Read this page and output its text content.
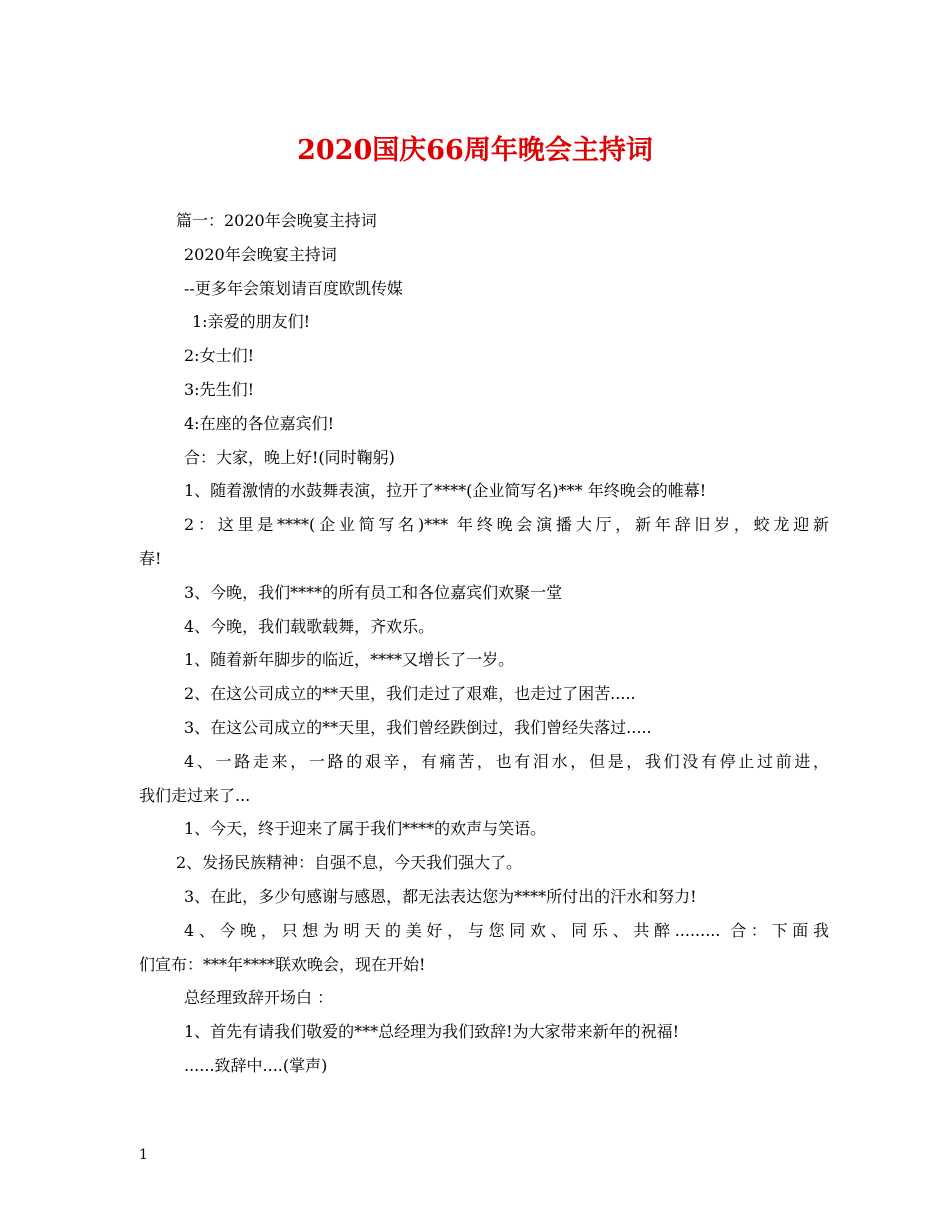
2020国庆66周年晚会主持词
篇一：2020年会晚宴主持词
2020年会晚宴主持词
--更多年会策划请百度欧凯传媒
1:亲爱的朋友们!
2:女士们!
3:先生们!
4:在座的各位嘉宾们!
合：大家，晚上好!(同时鞠躬)
1、随着激情的水鼓舞表演，拉开了****(企业简写名)*** 年终晚会的帷幕!
2：这里是****(企业简写名)*** 年终晚会演播大厅，新年辞旧岁，蛟龙迎新
春!
3、今晚，我们****的所有员工和各位嘉宾们欢聚一堂
4、今晚，我们载歌载舞，齐欢乐。
1、随着新年脚步的临近，****又增长了一岁。
2、在这公司成立的**天里，我们走过了艰难，也走过了困苦.....
3、在这公司成立的**天里，我们曾经跌倒过，我们曾经失落过.....
4、一路走来，一路的艰辛，有痛苦，也有泪水，但是，我们没有停止过前进，
我们走过来了...
1、今天，终于迎来了属于我们****的欢声与笑语。
2、发扬民族精神：自强不息，今天我们强大了。
3、在此，多少句感谢与感恩，都无法表达您为****所付出的汗水和努力!
4、今晚，只想为明天的美好，与您同欢、同乐、共醉......... 合：下面我
们宣布：***年****联欢晚会，现在开始!
总经理致辞开场白 ：
1、首先有请我们敬爱的***总经理为我们致辞!为大家带来新年的祝福!
......致辞中....(掌声)
1
